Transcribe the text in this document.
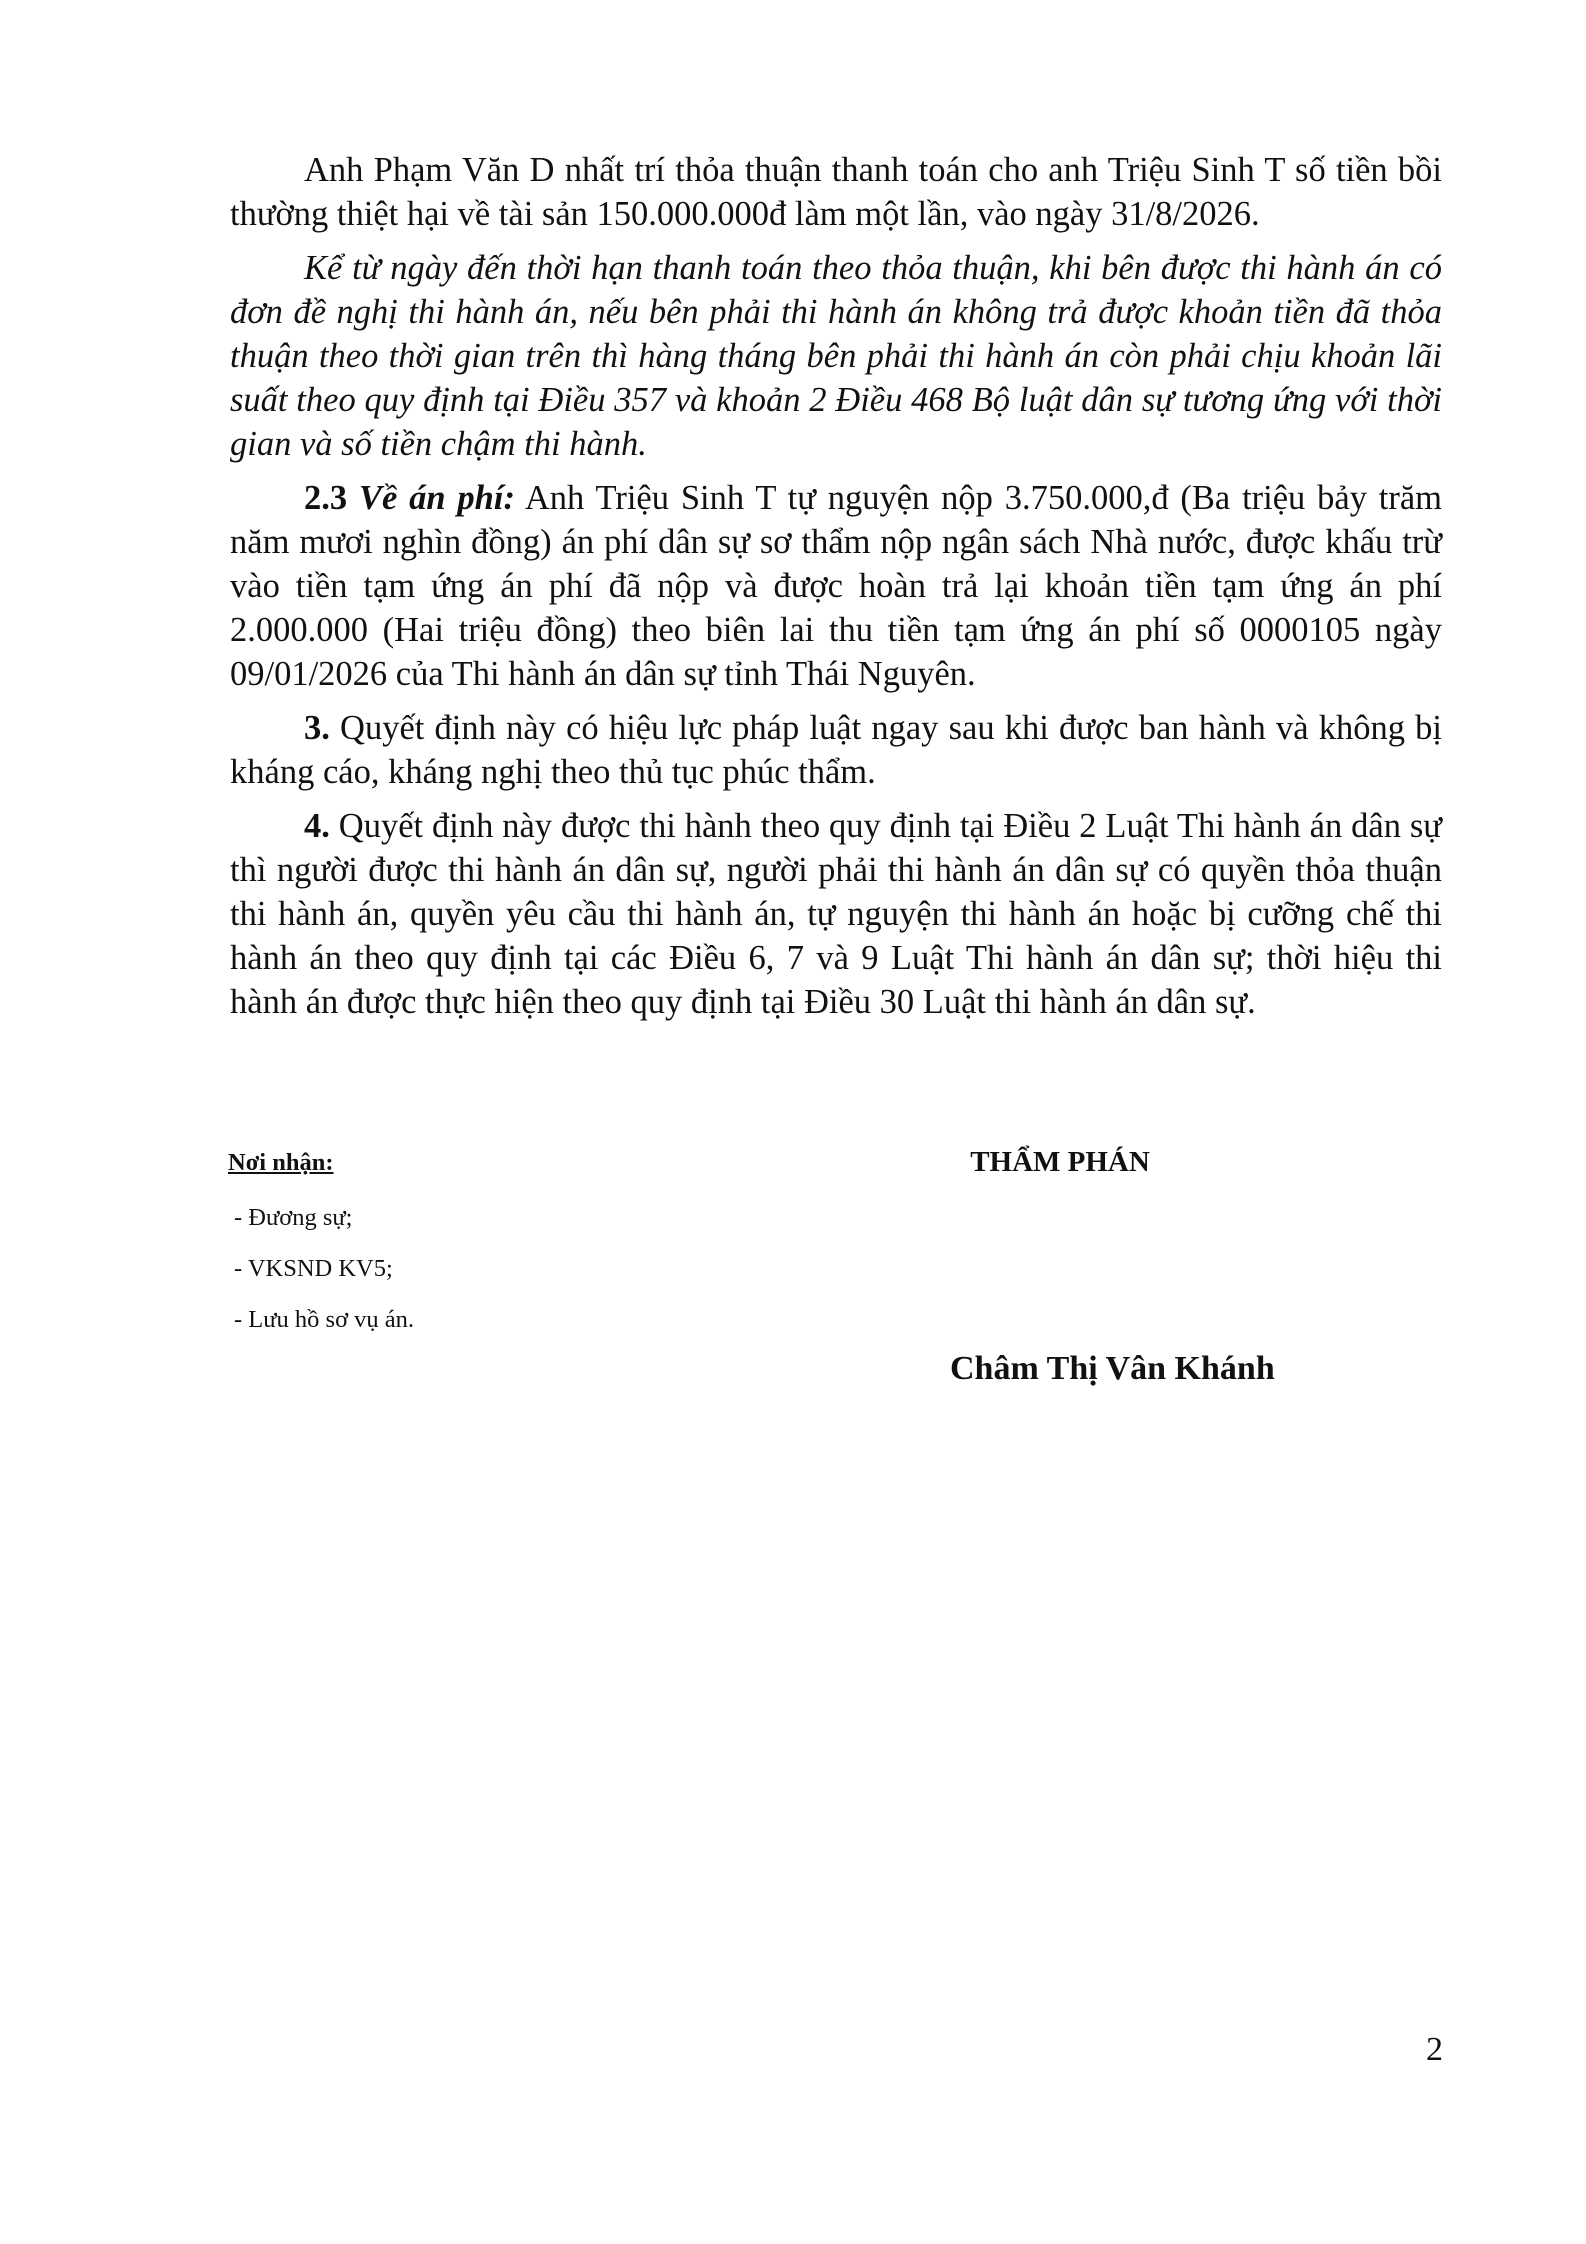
Anh Phạm Văn D nhất trí thỏa thuận thanh toán cho anh Triệu Sinh T số tiền bồi thường thiệt hại về tài sản 150.000.000đ làm một lần, vào ngày 31/8/2026.

Kể từ ngày đến thời hạn thanh toán theo thỏa thuận, khi bên được thi hành án có đơn đề nghị thi hành án, nếu bên phải thi hành án không trả được khoản tiền đã thỏa thuận theo thời gian trên thì hàng tháng bên phải thi hành án còn phải chịu khoản lãi suất theo quy định tại Điều 357 và khoản 2 Điều 468 Bộ luật dân sự tương ứng với thời gian và số tiền chậm thi hành.

2.3 Về án phí: Anh Triệu Sinh T tự nguyện nộp 3.750.000,đ (Ba triệu bảy trăm năm mươi nghìn đồng) án phí dân sự sơ thẩm nộp ngân sách Nhà nước, được khấu trừ vào tiền tạm ứng án phí đã nộp và được hoàn trả lại khoản tiền tạm ứng án phí 2.000.000 (Hai triệu đồng) theo biên lai thu tiền tạm ứng án phí số 0000105 ngày 09/01/2026 của Thi hành án dân sự tỉnh Thái Nguyên.

3. Quyết định này có hiệu lực pháp luật ngay sau khi được ban hành và không bị kháng cáo, kháng nghị theo thủ tục phúc thẩm.

4. Quyết định này được thi hành theo quy định tại Điều 2 Luật Thi hành án dân sự thì người được thi hành án dân sự, người phải thi hành án dân sự có quyền thỏa thuận thi hành án, quyền yêu cầu thi hành án, tự nguyện thi hành án hoặc bị cưỡng chế thi hành án theo quy định tại các Điều 6, 7 và 9 Luật Thi hành án dân sự; thời hiệu thi hành án được thực hiện theo quy định tại Điều 30 Luật thi hành án dân sự.

Nơi nhận:
- Đương sự;
- VKSND KV5;
- Lưu hồ sơ vụ án.
THẨM PHÁN
Châm Thị Vân Khánh
2
